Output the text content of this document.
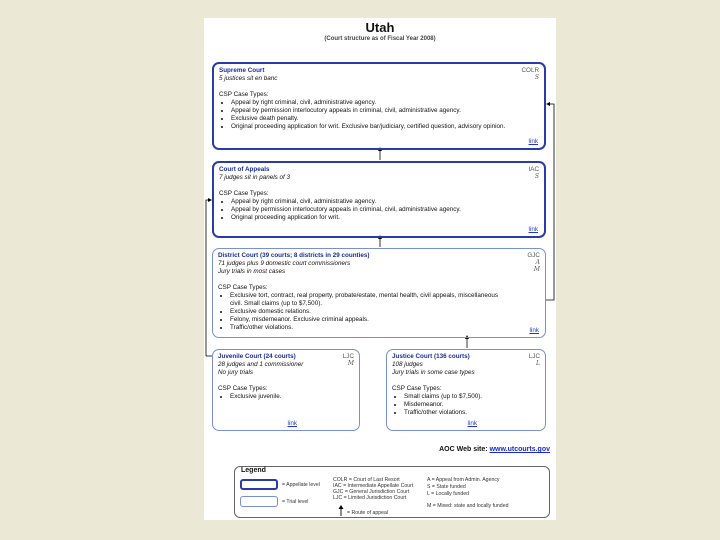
Utah
(Court structure as of Fiscal Year 2008)
Supreme Court
5 justices sit en banc
COLR
S
CSP Case Types:
• Appeal by right criminal, civil, administrative agency.
• Appeal by permission interlocutory appeals in criminal, civil, administrative agency.
• Exclusive death penalty.
• Original proceeding application for writ. Exclusive bar/judiciary, certified question, advisory opinion.
link
Court of Appeals
7 judges sit in panels of 3
IAC
S
CSP Case Types:
• Appeal by right criminal, civil, administrative agency.
• Appeal by permission interlocutory appeals in criminal, civil, administrative agency.
• Original proceeding application for writ.
link
District Court (39 courts; 8 districts in 29 counties)
71 judges plus 9 domestic court commissioners
Jury trials in most cases
GJC
A
M
CSP Case Types:
• Exclusive tort, contract, real property, probate/estate, mental health, civil appeals, miscellaneous civil. Small claims (up to $7,500).
• Exclusive domestic relations.
• Felony, misdemeanor. Exclusive criminal appeals.
• Traffic/other violations.	link
Juvenile Court (24 courts)
28 judges and 1 commissioner
No jury trials
LJC
M
CSP Case Types:
• Exclusive juvenile.
link
Justice Court (136 courts)
108 judges
Jury trials in some case types
LJC
L
CSP Case Types:
• Small claims (up to $7,500).
• Misdemeanor.
• Traffic/other violations.
link
AOC Web site: www.utcourts.gov
Legend
= Appellate level
= Trial level
COLR = Court of Last Resort
IAC = Intermediate Appellate Court
GJC = General Jurisdiction Court
LJC = Limited Jurisdiction Court
A = Appeal from Admin. Agency
S = State funded
L = Locally funded
M = Mixed: state and locally funded
= Route of appeal
